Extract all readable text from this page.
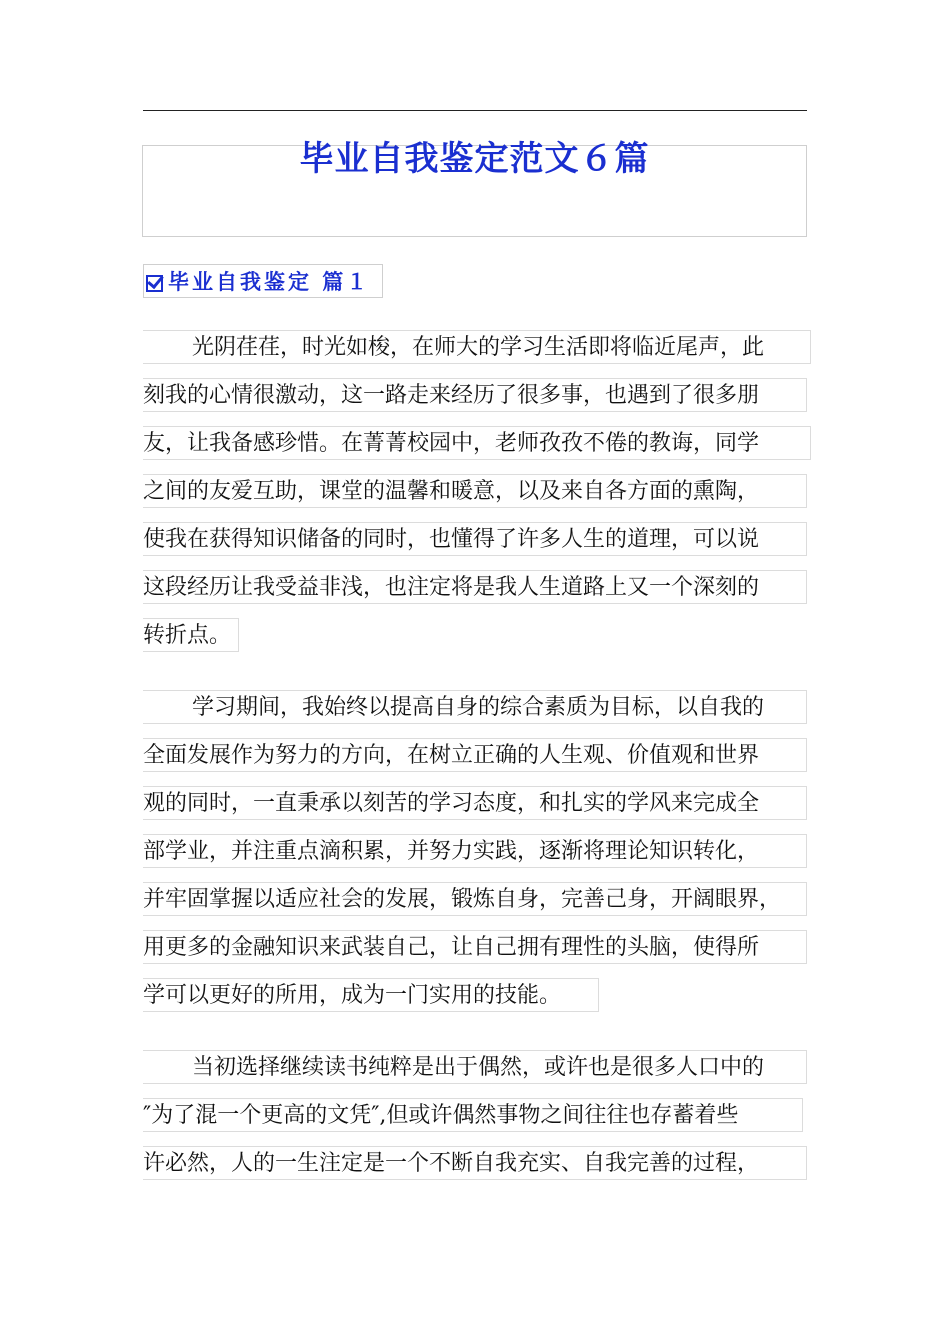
毕业自我鉴定范文６篇
毕业自我鉴定 篇１
光阴荏荏，时光如梭，在师大的学习生活即将临近尾声，此
刻我的心情很激动，这一路走来经历了很多事，也遇到了很多朋
友，让我备感珍惜。在菁菁校园中，老师孜孜不倦的教诲，同学
之间的友爱互助，课堂的温馨和暖意，以及来自各方面的熏陶，
使我在获得知识储备的同时，也懂得了许多人生的道理，可以说
这段经历让我受益非浅，也注定将是我人生道路上又一个深刻的
转折点。
学习期间，我始终以提高自身的综合素质为目标，以自我的
全面发展作为努力的方向，在树立正确的人生观、价值观和世界
观的同时，一直秉承以刻苦的学习态度，和扎实的学风来完成全
部学业，并注重点滴积累，并努力实践，逐渐将理论知识转化，
并牢固掌握以适应社会的发展，锻炼自身，完善己身，开阔眼界，
用更多的金融知识来武装自己，让自己拥有理性的头脑，使得所
学可以更好的所用，成为一门实用的技能。
当初选择继续读书纯粹是出于偶然，或许也是很多人口中的
″为了混一个更高的文凭″,但或许偶然事物之间往往也存蓄着些
许必然，人的一生注定是一个不断自我充实、自我完善的过程，
